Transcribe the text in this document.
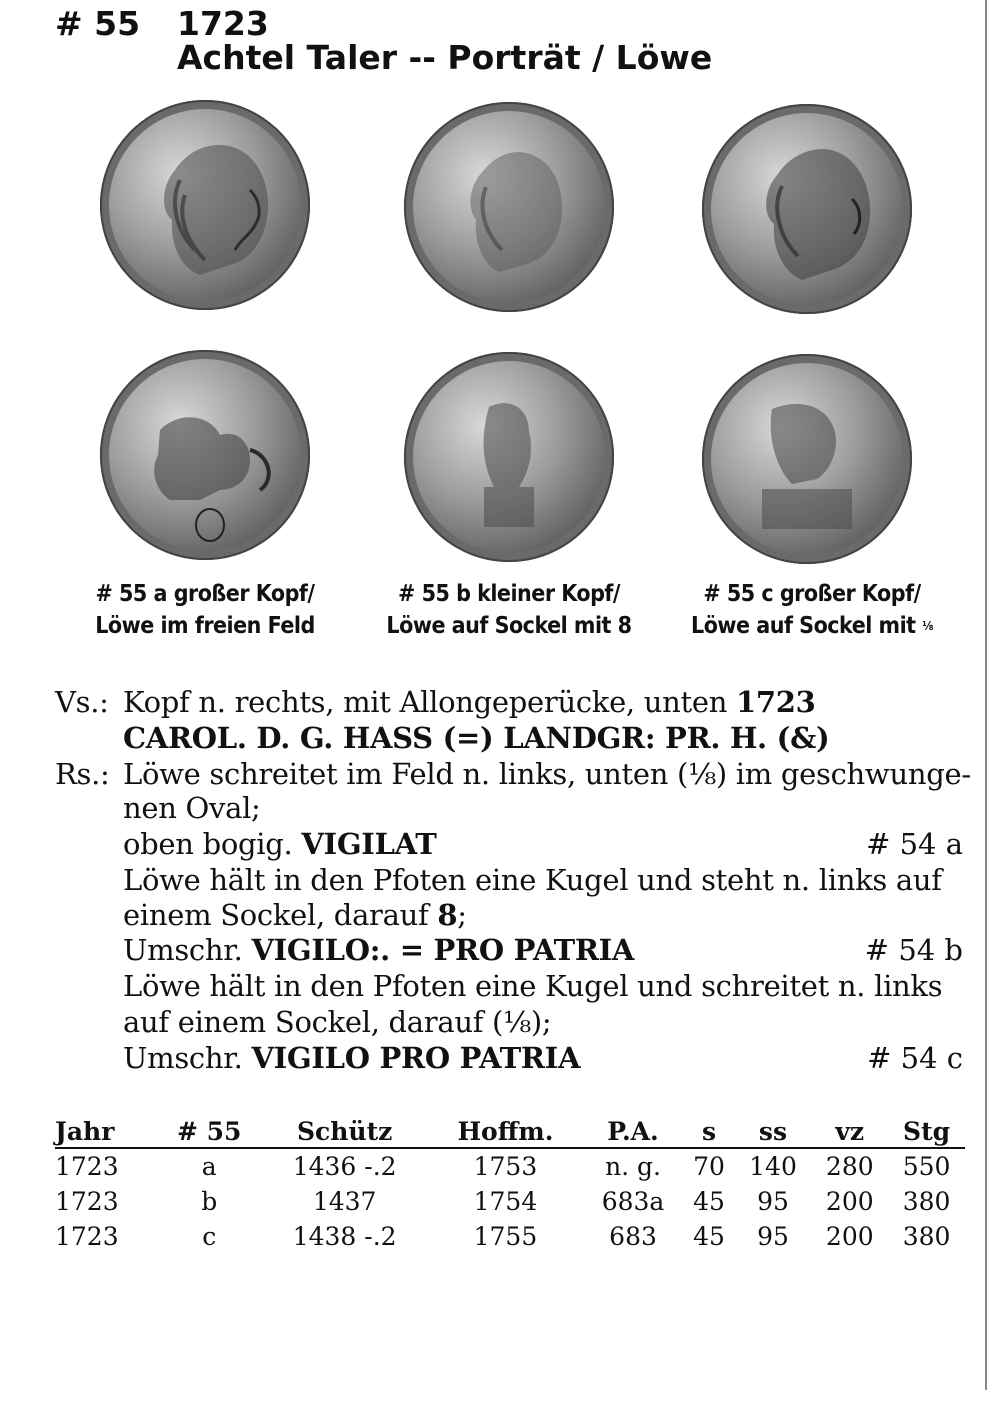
# 55 1723
Achtel Taler -- Porträt / Löwe
# 55 a großer Kopf/
Löwe im freien Feld
# 55 b kleiner Kopf/
Löwe auf Sockel mit 8
# 55 c großer Kopf/
Löwe auf Sockel mit $^{\frac{1}{8}}$
Vs.: Kopf n. rechts, mit Allongeperücke, unten 1723
CAROL. D. G. HASS (=) LANDGR: PR. H. (&)
Rs.: Löwe schreitet im Feld n. links, unten (⅛) im geschwunge-
nen Oval;
oben bogig. VIGILAT	# 54 a
Löwe hält in den Pfoten eine Kugel und steht n. links auf
einem Sockel, darauf 8;
Umschr. VIGILO:. = PRO PATRIA	# 54 b
Löwe hält in den Pfoten eine Kugel und schreitet n. links
auf einem Sockel, darauf (⅛);
Umschr. VIGILO PRO PATRIA	# 54 c
Jahr	# 55	Schütz	Hoffm.	P.A.	s	ss	vz	Stg
1723	a	1436 -.2	1753	n. g.	70	140	280	550
1723	b	1437	1754	683a	45	95	200	380
1723	c	1438 -.2	1755	683	45	95	200	380
